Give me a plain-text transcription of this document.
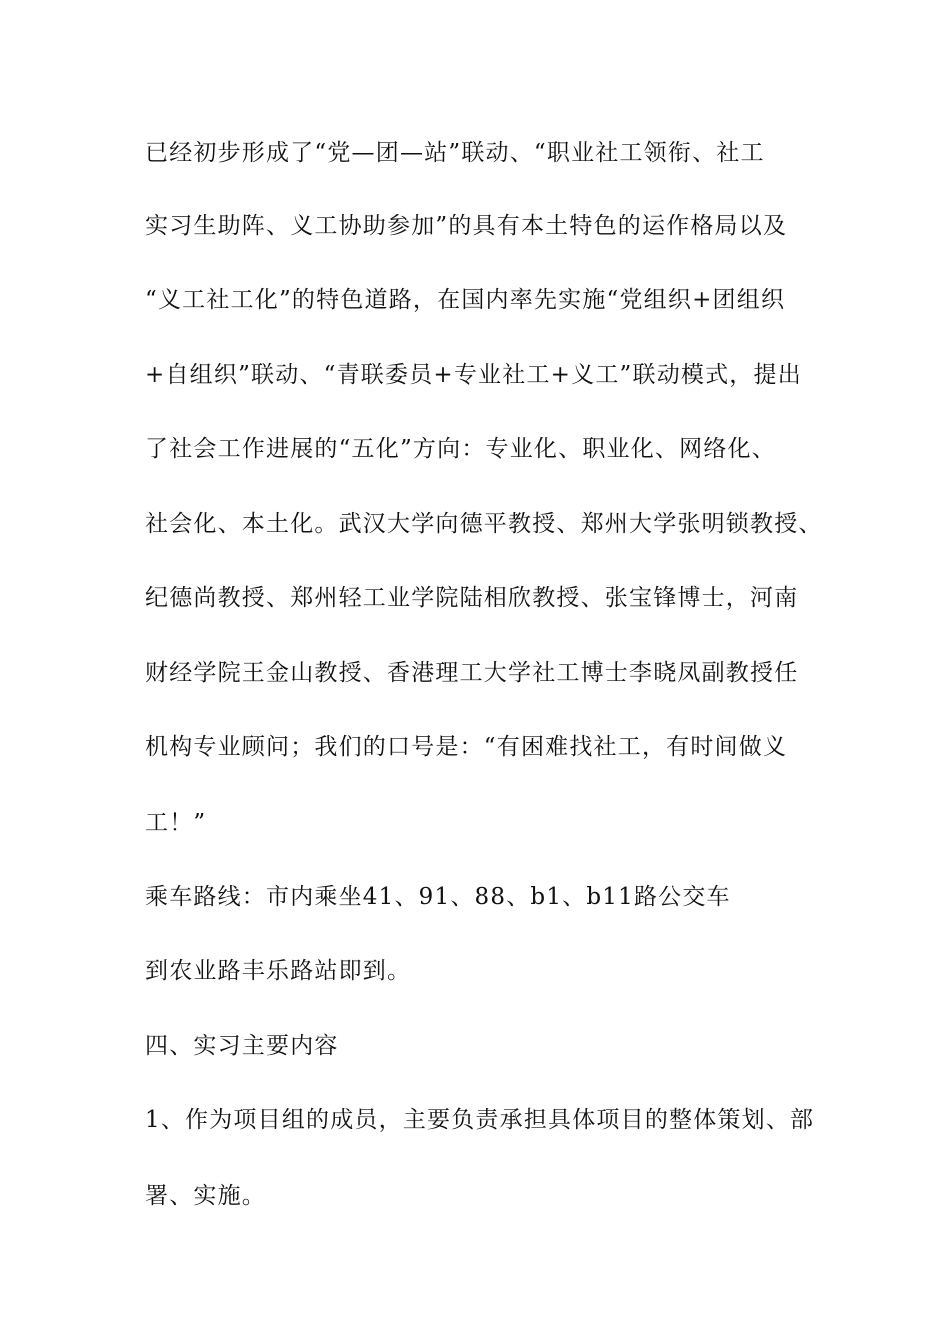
已经初步形成了“党—团—站”联动、“职业社工领衔、社工
实习生助阵、义工协助参加”的具有本土特色的运作格局以及
“义工社工化”的特色道路，在国内率先实施“党组织+团组织
+自组织”联动、“青联委员+专业社工+义工”联动模式，提出
了社会工作进展的“五化”方向：专业化、职业化、网络化、
社会化、本土化。武汉大学向德平教授、郑州大学张明锁教授、
纪德尚教授、郑州轻工业学院陆相欣教授、张宝锋博士，河南
财经学院王金山教授、香港理工大学社工博士李晓凤副教授任
机构专业顾问；我们的口号是：“有困难找社工，有时间做义
工！”
乘车路线：市内乘坐41、91、88、b1、b11路公交车
到农业路丰乐路站即到。
四、实习主要内容
1、作为项目组的成员，主要负责承担具体项目的整体策划、部
署、实施。
